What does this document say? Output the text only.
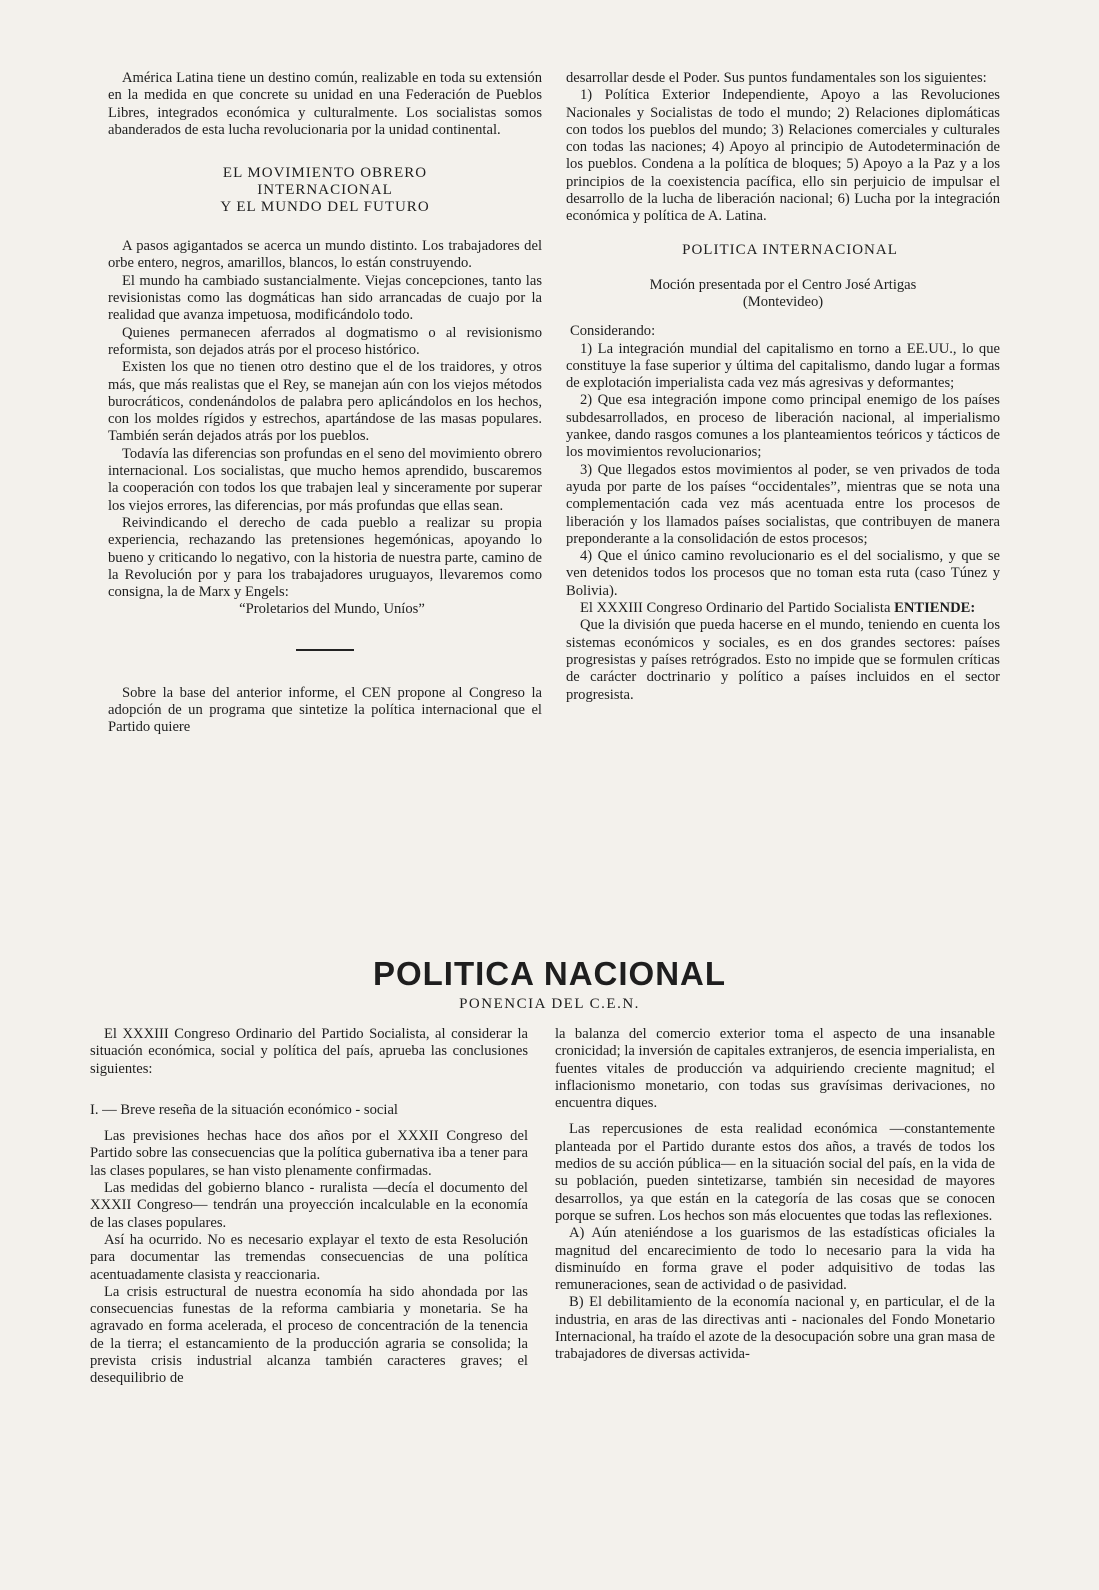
América Latina tiene un destino común, realizable en toda su extensión en la medida en que concrete su unidad en una Federación de Pueblos Libres, integrados económica y culturalmente. Los socialistas somos abanderados de esta lucha revolucionaria por la unidad continental.

EL MOVIMIENTO OBRERO
INTERNACIONAL
Y EL MUNDO DEL FUTURO

A pasos agigantados se acerca un mundo distinto. Los trabajadores del orbe entero, negros, amarillos, blancos, lo están construyendo.

El mundo ha cambiado sustancialmente. Viejas concepciones, tanto las revisionistas como las dogmáticas han sido arrancadas de cuajo por la realidad que avanza impetuosa, modificándolo todo.

Quienes permanecen aferrados al dogmatismo o al revisionismo reformista, son dejados atrás por el proceso histórico.

Existen los que no tienen otro destino que el de los traidores, y otros más, que más realistas que el Rey, se manejan aún con los viejos métodos burocráticos, condenándolos de palabra pero aplicándolos en los hechos, con los moldes rígidos y estrechos, apartándose de las masas populares. También serán dejados atrás por los pueblos.

Todavía las diferencias son profundas en el seno del movimiento obrero internacional. Los socialistas, que mucho hemos aprendido, buscaremos la cooperación con todos los que trabajen leal y sinceramente por superar los viejos errores, las diferencias, por más profundas que ellas sean.

Reivindicando el derecho de cada pueblo a realizar su propia experiencia, rechazando las pretensiones hegemónicas, apoyando lo bueno y criticando lo negativo, con la historia de nuestra parte, camino de la Revolución por y para los trabajadores uruguayos, llevaremos como consigna, la de Marx y Engels:

“Proletarios del Mundo, Uníos”

Sobre la base del anterior informe, el CEN propone al Congreso la adopción de un programa que sintetize la política internacional que el Partido quiere

desarrollar desde el Poder. Sus puntos fundamentales son los siguientes:

1) Política Exterior Independiente, Apoyo a las Revoluciones Nacionales y Socialistas de todo el mundo; 2) Relaciones diplomáticas con todos los pueblos del mundo; 3) Relaciones comerciales y culturales con todas las naciones; 4) Apoyo al principio de Autodeterminación de los pueblos. Condena a la política de bloques; 5) Apoyo a la Paz y a los principios de la coexistencia pacífica, ello sin perjuicio de impulsar el desarrollo de la lucha de liberación nacional; 6) Lucha por la integración económica y política de A. Latina.

POLITICA INTERNACIONAL

Moción presentada por el Centro José Artigas
(Montevideo)

Considerando:

1) La integración mundial del capitalismo en torno a EE.UU., lo que constituye la fase superior y última del capitalismo, dando lugar a formas de explotación imperialista cada vez más agresivas y deformantes;

2) Que esa integración impone como principal enemigo de los países subdesarrollados, en proceso de liberación nacional, al imperialismo yankee, dando rasgos comunes a los planteamientos teóricos y tácticos de los movimientos revolucionarios;

3) Que llegados estos movimientos al poder, se ven privados de toda ayuda por parte de los países “occidentales”, mientras que se nota una complementación cada vez más acentuada entre los procesos de liberación y los llamados países socialistas, que contribuyen de manera preponderante a la consolidación de estos procesos;

4) Que el único camino revolucionario es el del socialismo, y que se ven detenidos todos los procesos que no toman esta ruta (caso Túnez y Bolivia).

El XXXIII Congreso Ordinario del Partido Socialista ENTIENDE:

Que la división que pueda hacerse en el mundo, teniendo en cuenta los sistemas económicos y sociales, es en dos grandes sectores: países progresistas y países retrógrados. Esto no impide que se formulen críticas de carácter doctrinario y político a países incluidos en el sector progresista.

POLITICA NACIONAL

PONENCIA DEL C.E.N.

El XXXIII Congreso Ordinario del Partido Socialista, al considerar la situación económica, social y política del país, aprueba las conclusiones siguientes:

I. — Breve reseña de la situación económico - social

Las previsiones hechas hace dos años por el XXXII Congreso del Partido sobre las consecuencias que la política gubernativa iba a tener para las clases populares, se han visto plenamente confirmadas.

Las medidas del gobierno blanco - ruralista —decía el documento del XXXII Congreso— tendrán una proyección incalculable en la economía de las clases populares.

Así ha ocurrido. No es necesario explayar el texto de esta Resolución para documentar las tremendas consecuencias de una política acentuadamente clasista y reaccionaria.

La crisis estructural de nuestra economía ha sido ahondada por las consecuencias funestas de la reforma cambiaria y monetaria. Se ha agravado en forma acelerada, el proceso de concentración de la tenencia de la tierra; el estancamiento de la producción agraria se consolida; la prevista crisis industrial alcanza también caracteres graves; el desequilibrio de

la balanza del comercio exterior toma el aspecto de una insanable cronicidad; la inversión de capitales extranjeros, de esencia imperialista, en fuentes vitales de producción va adquiriendo creciente magnitud; el inflacionismo monetario, con todas sus gravísimas derivaciones, no encuentra diques.

Las repercusiones de esta realidad económica —constantemente planteada por el Partido durante estos dos años, a través de todos los medios de su acción pública— en la situación social del país, en la vida de su población, pueden sintetizarse, también sin necesidad de mayores desarrollos, ya que están en la categoría de las cosas que se conocen porque se sufren. Los hechos son más elocuentes que todas las reflexiones.

A) Aún ateniéndose a los guarismos de las estadísticas oficiales la magnitud del encarecimiento de todo lo necesario para la vida ha disminuído en forma grave el poder adquisitivo de todas las remuneraciones, sean de actividad o de pasividad.

B) El debilitamiento de la economía nacional y, en particular, el de la industria, en aras de las directivas anti - nacionales del Fondo Monetario Internacional, ha traído el azote de la desocupación sobre una gran masa de trabajadores de diversas activida-
